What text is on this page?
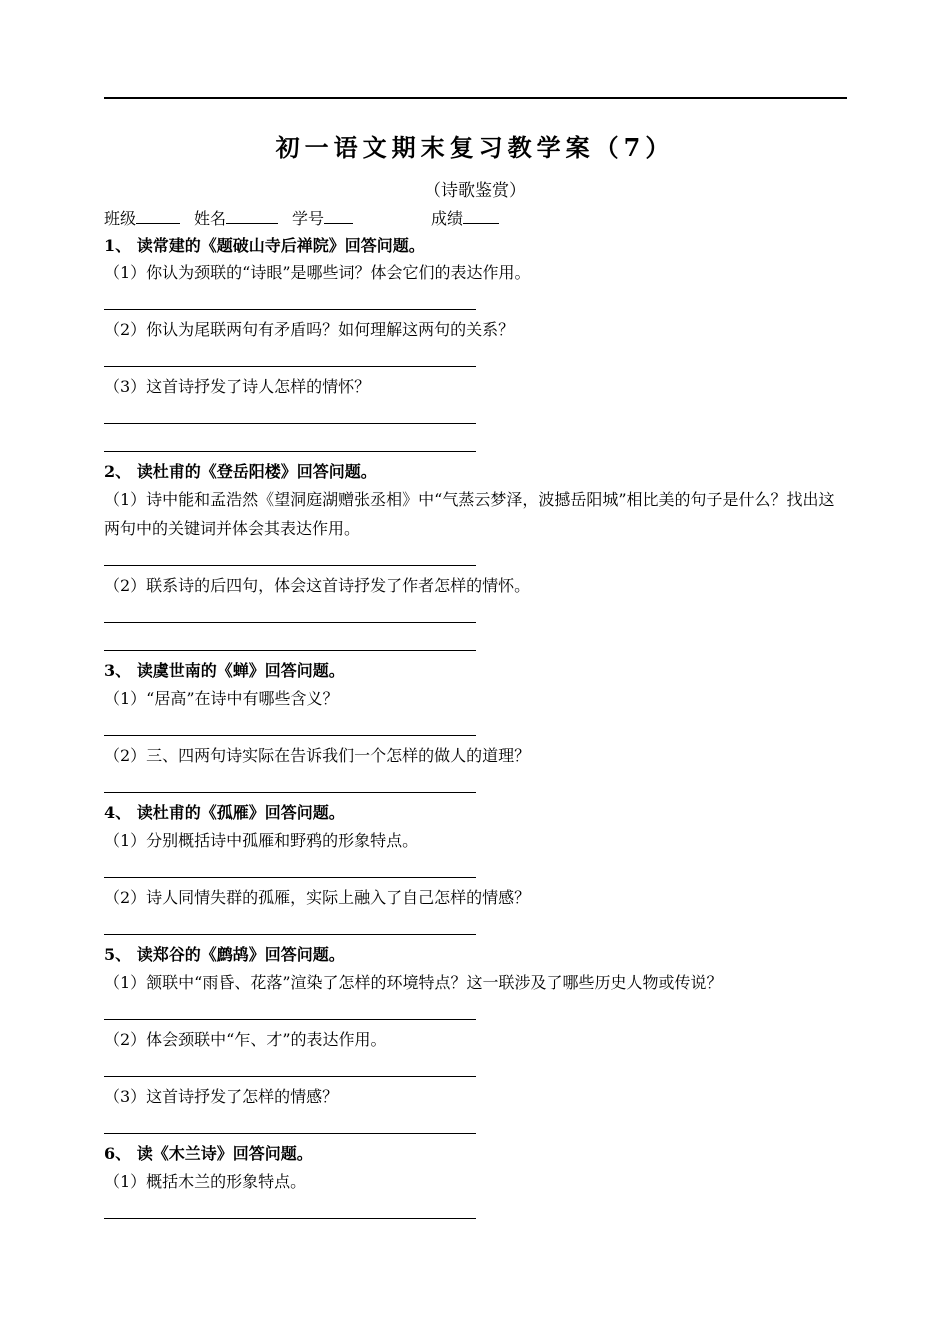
初一语文期末复习教学案（7）
（诗歌鉴赏）
班级	姓名	学号	成绩
1、 读常建的《题破山寺后禅院》回答问题。
（1）你认为颈联的“诗眼”是哪些词？体会它们的表达作用。
（2）你认为尾联两句有矛盾吗？如何理解这两句的关系？
（3）这首诗抒发了诗人怎样的情怀？
2、 读杜甫的《登岳阳楼》回答问题。
（1）诗中能和孟浩然《望洞庭湖赠张丞相》中“气蒸云梦泽，波撼岳阳城”相比美的句子是什么？找出这两句中的关键词并体会其表达作用。
（2）联系诗的后四句，体会这首诗抒发了作者怎样的情怀。
3、 读虞世南的《蝉》回答问题。
（1）“居高”在诗中有哪些含义？
（2）三、四两句诗实际在告诉我们一个怎样的做人的道理？
4、 读杜甫的《孤雁》回答问题。
（1）分别概括诗中孤雁和野鸦的形象特点。
（2）诗人同情失群的孤雁，实际上融入了自己怎样的情感？
5、 读郑谷的《鹧鸪》回答问题。
（1）颔联中“雨昏、花落”渲染了怎样的环境特点？这一联涉及了哪些历史人物或传说？
（2）体会颈联中“乍、才”的表达作用。
（3）这首诗抒发了怎样的情感？
6、 读《木兰诗》回答问题。
（1）概括木兰的形象特点。
